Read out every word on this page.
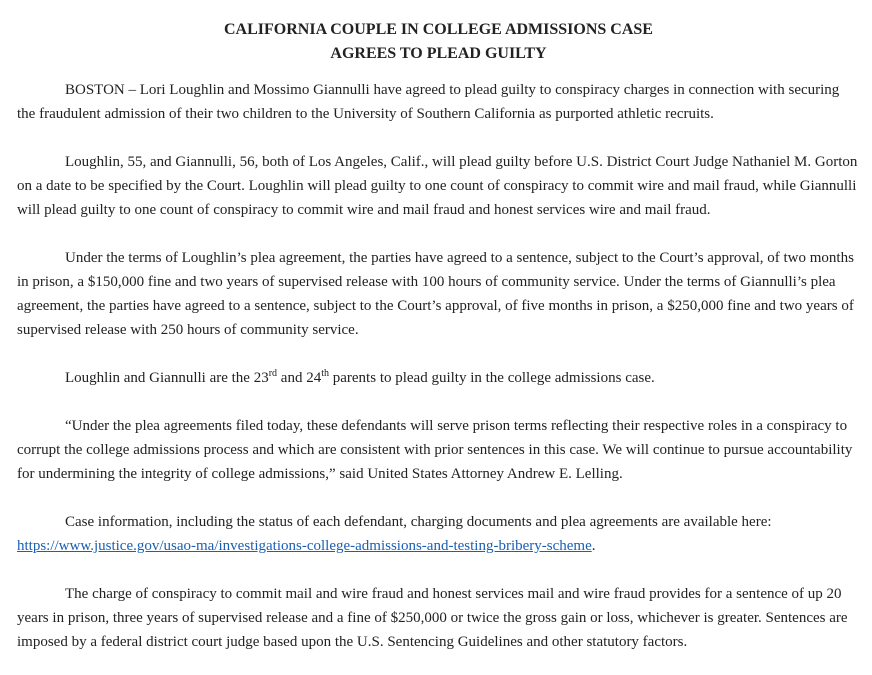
CALIFORNIA COUPLE IN COLLEGE ADMISSIONS CASE
AGREES TO PLEAD GUILTY

BOSTON – Lori Loughlin and Mossimo Giannulli have agreed to plead guilty to conspiracy charges in connection with securing the fraudulent admission of their two children to the University of Southern California as purported athletic recruits.

Loughlin, 55, and Giannulli, 56, both of Los Angeles, Calif., will plead guilty before U.S. District Court Judge Nathaniel M. Gorton on a date to be specified by the Court. Loughlin will plead guilty to one count of conspiracy to commit wire and mail fraud, while Giannulli will plead guilty to one count of conspiracy to commit wire and mail fraud and honest services wire and mail fraud.

Under the terms of Loughlin’s plea agreement, the parties have agreed to a sentence, subject to the Court’s approval, of two months in prison, a $150,000 fine and two years of supervised release with 100 hours of community service. Under the terms of Giannulli’s plea agreement, the parties have agreed to a sentence, subject to the Court’s approval, of five months in prison, a $250,000 fine and two years of supervised release with 250 hours of community service.

Loughlin and Giannulli are the 23rd and 24th parents to plead guilty in the college admissions case.

“Under the plea agreements filed today, these defendants will serve prison terms reflecting their respective roles in a conspiracy to corrupt the college admissions process and which are consistent with prior sentences in this case. We will continue to pursue accountability for undermining the integrity of college admissions,” said United States Attorney Andrew E. Lelling.

Case information, including the status of each defendant, charging documents and plea agreements are available here: https://www.justice.gov/usao-ma/investigations-college-admissions-and-testing-bribery-scheme.

The charge of conspiracy to commit mail and wire fraud and honest services mail and wire fraud provides for a sentence of up 20 years in prison, three years of supervised release and a fine of $250,000 or twice the gross gain or loss, whichever is greater. Sentences are imposed by a federal district court judge based upon the U.S. Sentencing Guidelines and other statutory factors.
